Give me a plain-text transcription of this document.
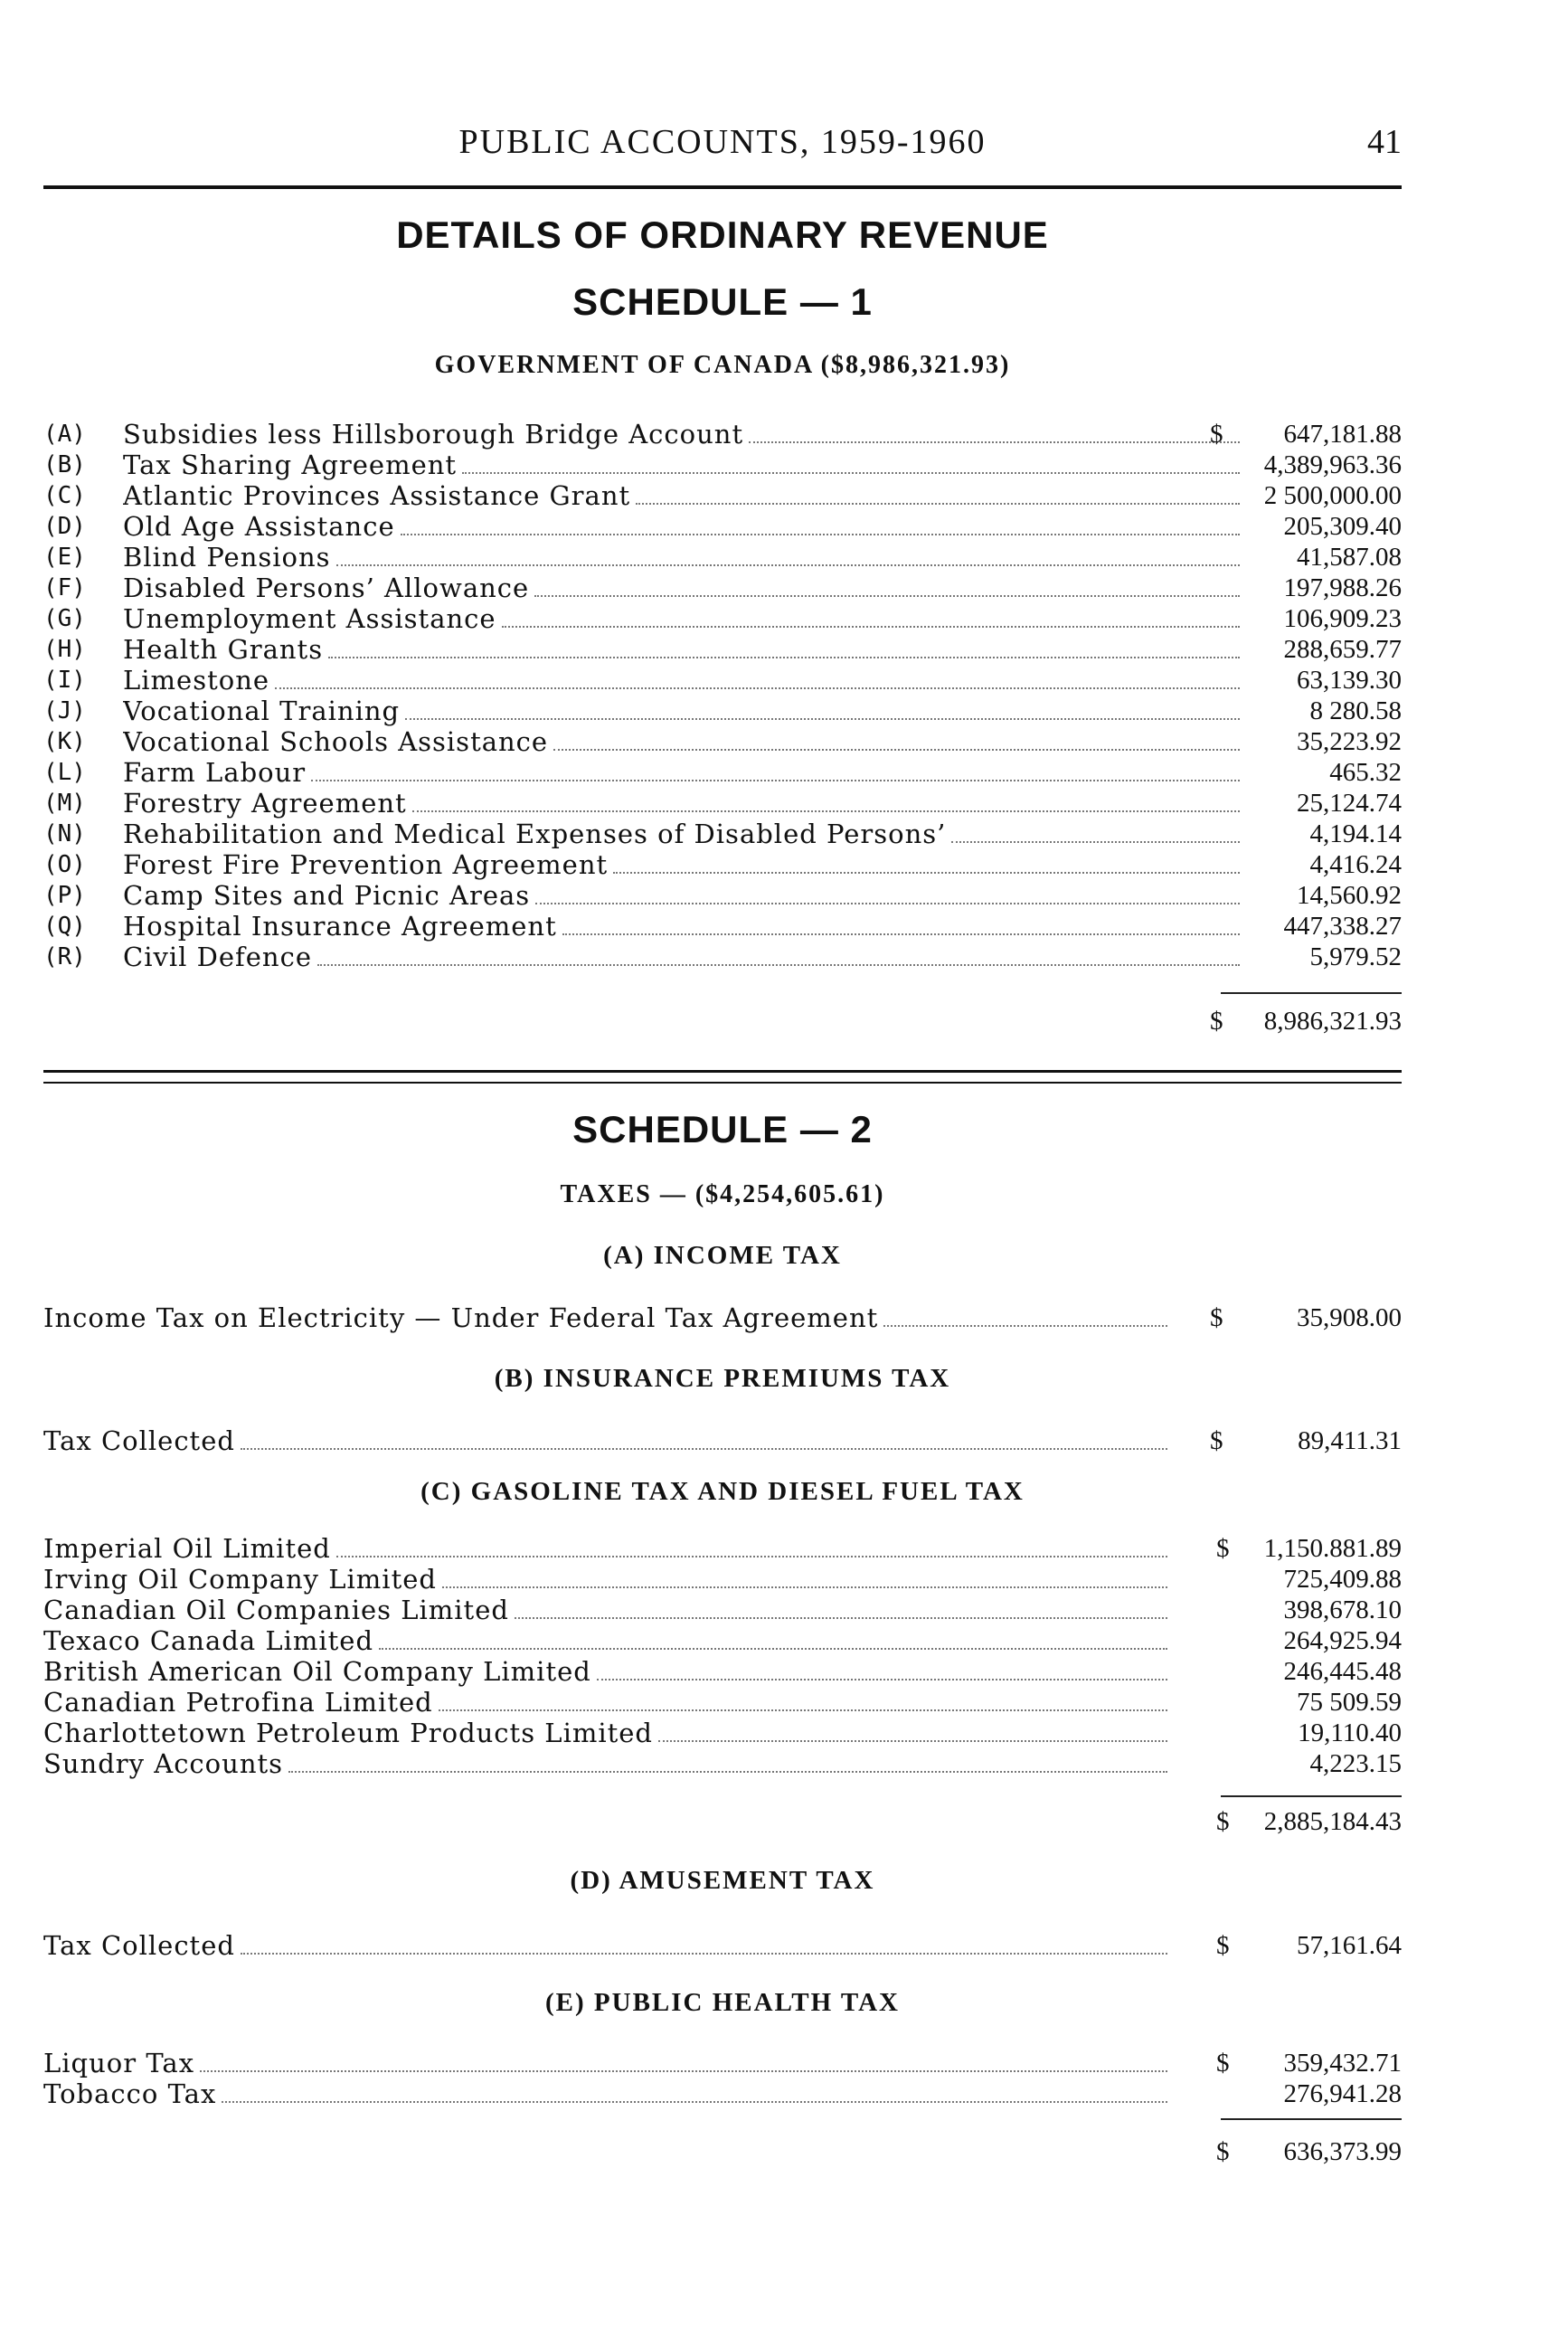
PUBLIC ACCOUNTS, 1959-1960	41
DETAILS OF ORDINARY REVENUE
SCHEDULE — 1
GOVERNMENT OF CANADA ($8,986,321.93)
(A)	Subsidies less Hillsborough Bridge Account	$ 647,181.88
(B)	Tax Sharing Agreement	4,389,963.36
(C)	Atlantic Provinces Assistance Grant	2 500,000.00
(D)	Old Age Assistance	205,309.40
(E)	Blind Pensions	41,587.08
(F)	Disabled Persons’ Allowance	197,988.26
(G)	Unemployment Assistance	106,909.23
(H)	Health Grants	288,659.77
(I)	Limestone	63,139.30
(J)	Vocational Training	8 280.58
(K)	Vocational Schools Assistance	35,223.92
(L)	Farm Labour	465.32
(M)	Forestry Agreement	25,124.74
(N)	Rehabilitation and Medical Expenses of Disabled Persons’	4,194.14
(O)	Forest Fire Prevention Agreement	4,416.24
(P)	Camp Sites and Picnic Areas	14,560.92
(Q)	Hospital Insurance Agreement	447,338.27
(R)	Civil Defence	5,979.52
$ 8,986,321.93
SCHEDULE — 2
TAXES — ($4,254,605.61)
(A) INCOME TAX
Income Tax on Electricity — Under Federal Tax Agreement	$	35,908.00
(B) INSURANCE PREMIUMS TAX
Tax Collected	$	89,411.31
(C) GASOLINE TAX AND DIESEL FUEL TAX
Imperial Oil Limited	$ 1,150.881.89
Irving Oil Company Limited	725,409.88
Canadian Oil Companies Limited	398,678.10
Texaco Canada Limited	264,925.94
British American Oil Company Limited	246,445.48
Canadian Petrofina Limited	75 509.59
Charlottetown Petroleum Products Limited	19,110.40
Sundry Accounts	4,223.15
$ 2,885,184.43
(D) AMUSEMENT TAX
Tax Collected	$	57,161.64
(E) PUBLIC HEALTH TAX
Liquor Tax	$ 359,432.71
Tobacco Tax	276,941.28
$ 636,373.99
